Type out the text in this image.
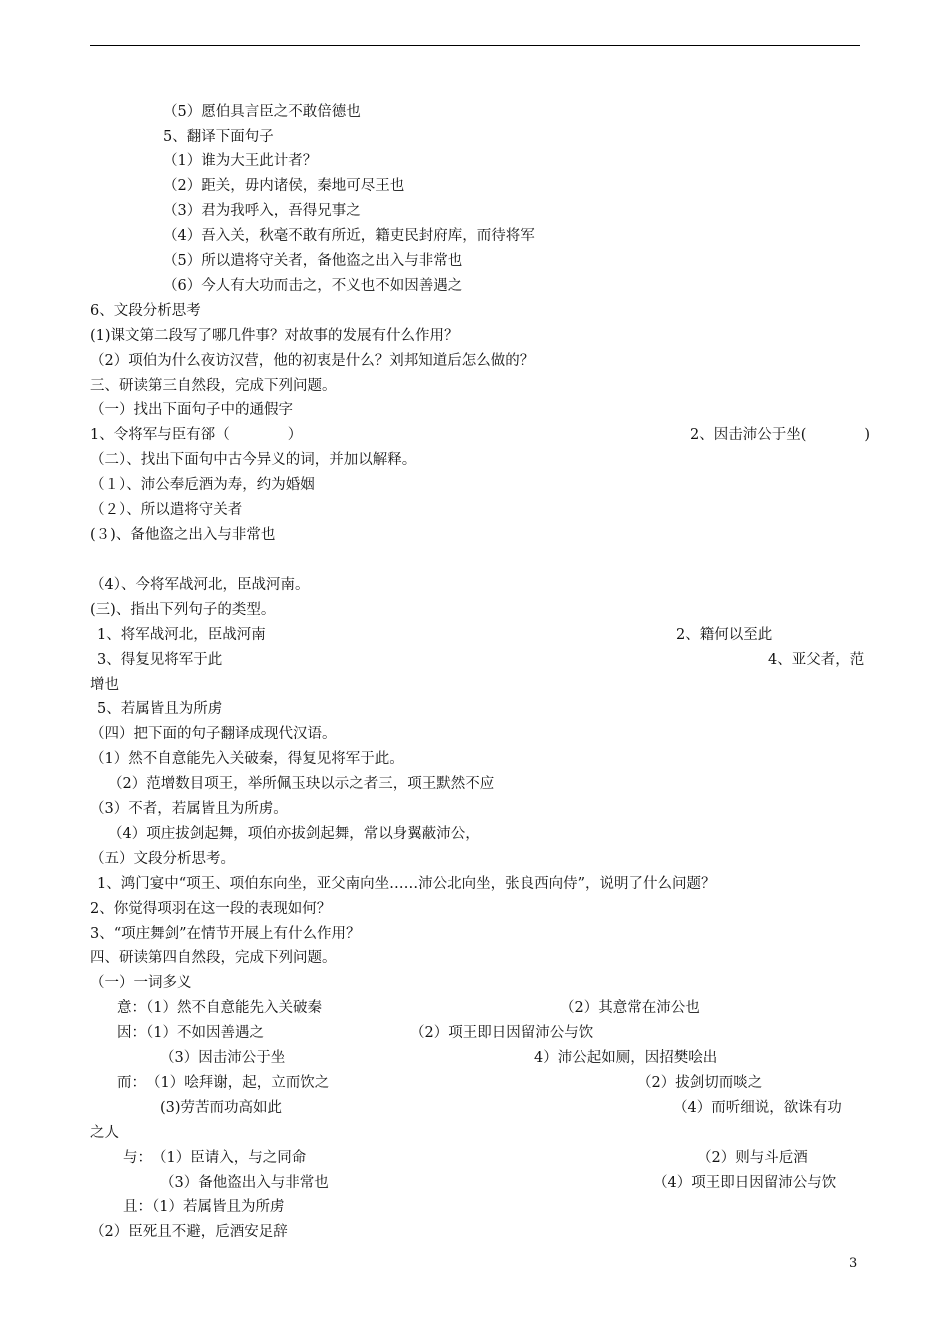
（5）愿伯具言臣之不敢倍德也
5、翻译下面句子
（1）谁为大王此计者？
（2）距关，毋内诸侯，秦地可尽王也
（3）君为我呼入，吾得兄事之
（4）吾入关，秋毫不敢有所近，籍吏民封府库，而待将军
（5）所以遣将守关者，备他盗之出入与非常也
（6）今人有大功而击之，不义也不如因善遇之
6、文段分析思考
(1)课文第二段写了哪几件事？对故事的发展有什么作用？
（2）项伯为什么夜访汉营，他的初衷是什么？刘邦知道后怎么做的？
三、研读第三自然段，完成下列问题。
（一）找出下面句子中的通假字
1、令将军与臣有郤（　　　　）	2、因击沛公于坐(　　　　)
（二）、找出下面句中古今异义的词，并加以解释。
（１）、沛公奉卮酒为寿，约为婚姻
（２）、所以遣将守关者
(３)、备他盗之出入与非常也
（4）、今将军战河北，臣战河南。
(三)、指出下列句子的类型。
1、将军战河北，臣战河南	2、籍何以至此
3、得复见将军于此	4、亚父者，范
增也
5、若属皆且为所虏
（四）把下面的句子翻译成现代汉语。
（1）然不自意能先入关破秦，得复见将军于此。
（2）范增数目项王，举所佩玉玦以示之者三，项王默然不应
（3）不者，若属皆且为所虏。
（4）项庄拔剑起舞，项伯亦拔剑起舞，常以身翼蔽沛公，
（五）文段分析思考。
1、鸿门宴中“项王、项伯东向坐，亚父南向坐……沛公北向坐，张良西向侍”，说明了什么问题？
2、你觉得项羽在这一段的表现如何？
3、“项庄舞剑”在情节开展上有什么作用？
四、研读第四自然段，完成下列问题。
（一）一词多义
意：（1）然不自意能先入关破秦	（2）其意常在沛公也
因：（1）不如因善遇之	（2）项王即日因留沛公与饮
（3）因击沛公于坐	4）沛公起如厕，因招樊哙出
而：　（1）哙拜谢，起，立而饮之	（2）拔剑切而啖之
(3)劳苦而功高如此	（4）而听细说，欲诛有功
之人
与：　（1）臣请入，与之同命	（2）则与斗卮酒
（3）备他盗出入与非常也	（4）项王即日因留沛公与饮
且：（1）若属皆且为所虏
（2）臣死且不避，卮酒安足辞
3
